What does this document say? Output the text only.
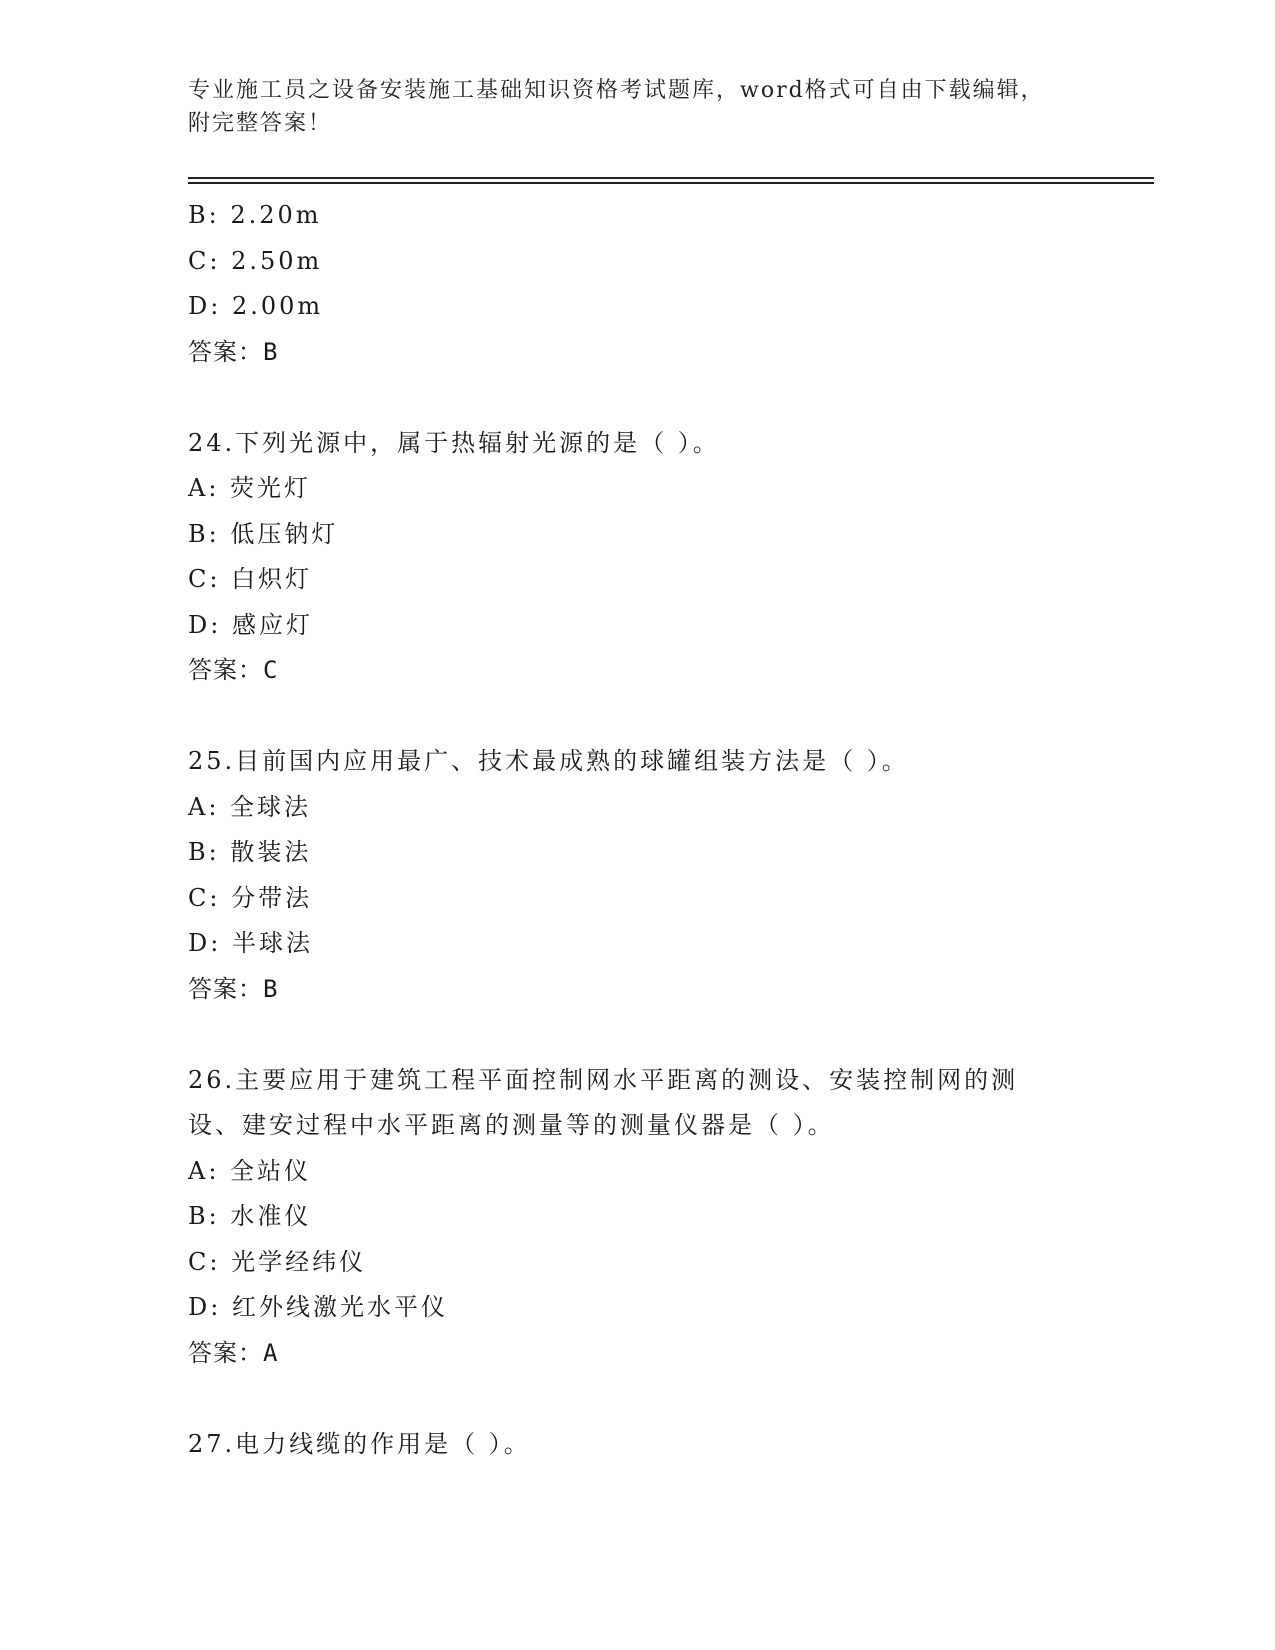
专业施工员之设备安装施工基础知识资格考试题库，word格式可自由下载编辑，
附完整答案！
B: 2.20m
C: 2.50m
D: 2.00m
答案：B
24.下列光源中，属于热辐射光源的是（ ）。
A: 荧光灯
B: 低压钠灯
C: 白炽灯
D: 感应灯
答案：C
25.目前国内应用最广、技术最成熟的球罐组装方法是（ ）。
A: 全球法
B: 散装法
C: 分带法
D: 半球法
答案：B
26.主要应用于建筑工程平面控制网水平距离的测设、安装控制网的测
设、建安过程中水平距离的测量等的测量仪器是（ ）。
A: 全站仪
B: 水准仪
C: 光学经纬仪
D: 红外线激光水平仪
答案：A
27.电力线缆的作用是（ ）。
